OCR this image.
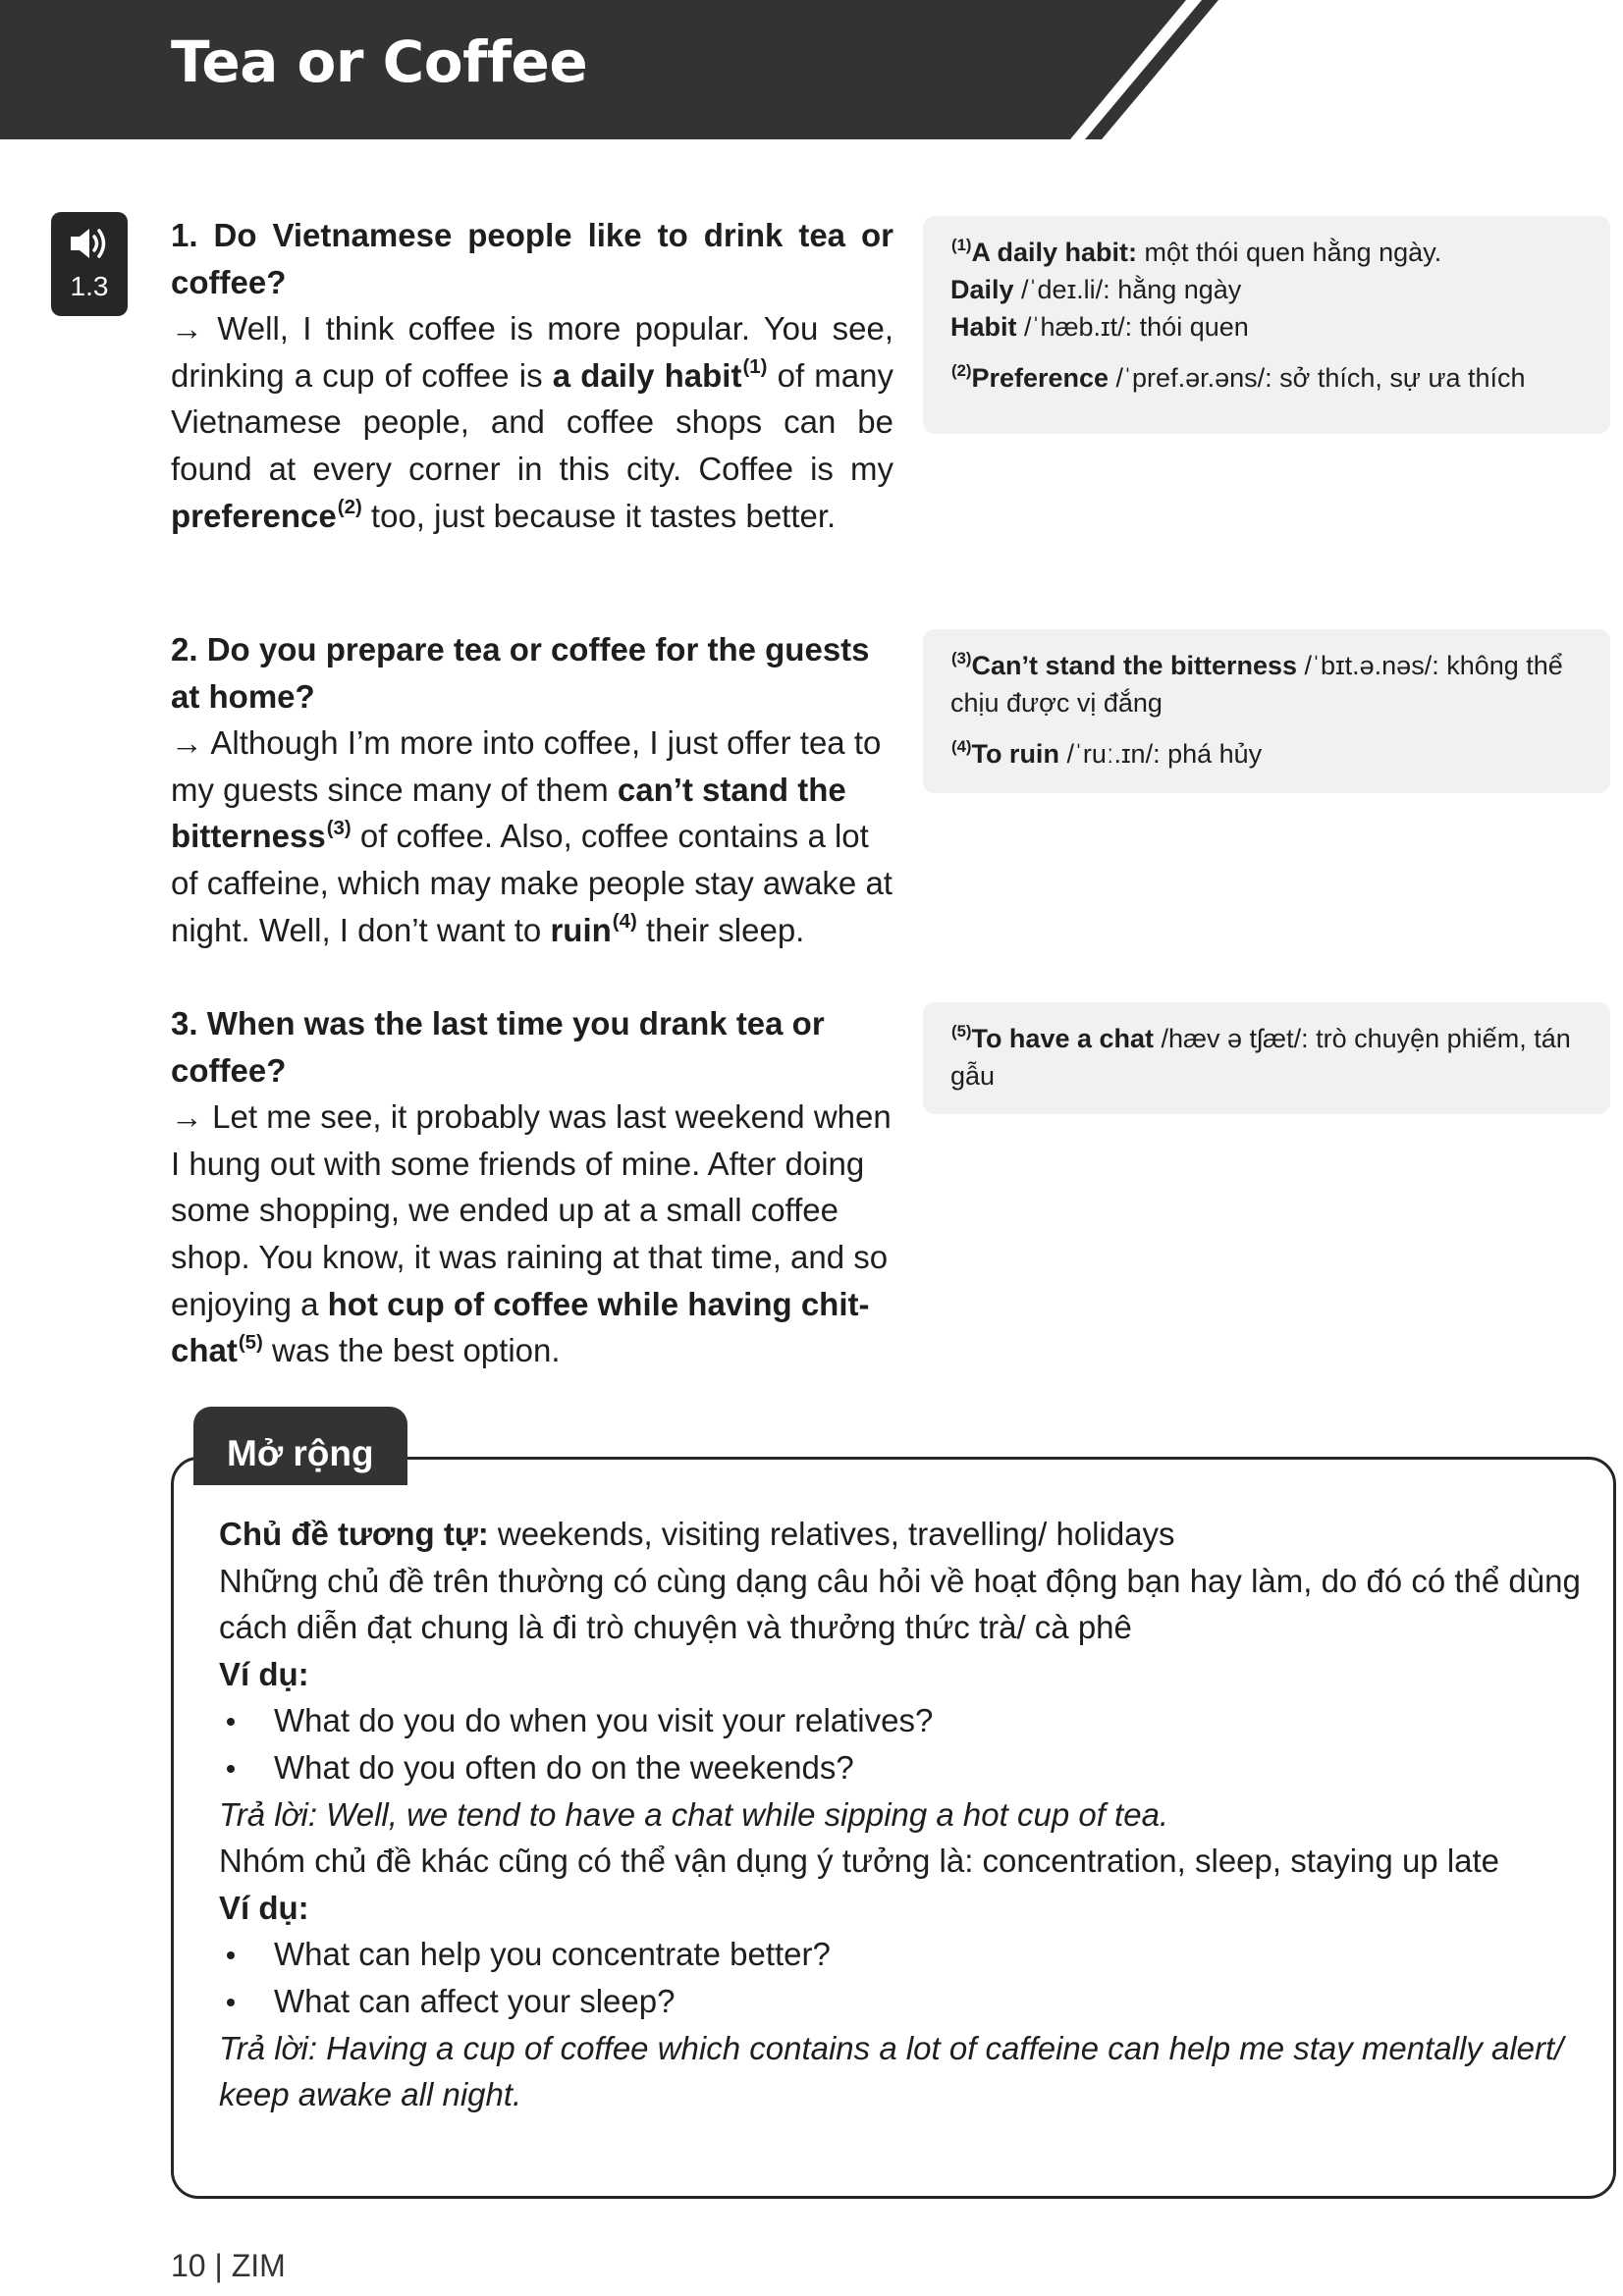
Tea or Coffee
1.3

1. Do Vietnamese people like to drink tea or coffee?

→ Well, I think coffee is more popular. You see, drinking a cup of coffee is a daily habit$^{(1)}$ of many Vietnamese people, and coffee shops can be found at every corner in this city. Coffee is my preference$^{(2)}$ too, just because it tastes better.

2. Do you prepare tea or coffee for the guests at home?

→ Although I’m more into coffee, I just offer tea to my guests since many of them can’t stand the bitterness$^{(3)}$ of coffee. Also, coffee contains a lot of caffeine, which may make people stay awake at night. Well, I don’t want to ruin$^{(4)}$ their sleep.

3. When was the last time you drank tea or coffee?

→ Let me see, it probably was last weekend when I hung out with some friends of mine. After doing some shopping, we ended up at a small coffee shop. You know, it was raining at that time, and so enjoying a hot cup of coffee while having chit-chat$^{(5)}$ was the best option.

$^{(1)}$A daily habit: một thói quen hằng ngày.

Daily /ˈdeɪ.li/: hằng ngày

Habit /ˈhæb.ɪt/: thói quen

$^{(2)}$Preference /ˈpref.ər.əns/: sở thích, sự ưa thích

$^{(3)}$Can’t stand the bitterness /ˈbɪt.ə.nəs/: không thể chịu được vị đắng

$^{(4)}$To ruin /ˈruː.ɪn/: phá hủy

$^{(5)}$To have a chat /hæv ə tʃæt/: trò chuyện phiếm, tán gẫu

Mở rộng

Chủ đề tương tự: weekends, visiting relatives, travelling/ holidays

Những chủ đề trên thường có cùng dạng câu hỏi về hoạt động bạn hay làm, do đó có thể dùng cách diễn đạt chung là đi trò chuyện và thưởng thức trà/ cà phê

Ví dụ:

What do you do when you visit your relatives?
What do you often do on the weekends?

Trả lời: Well, we tend to have a chat while sipping a hot cup of tea.

Nhóm chủ đề khác cũng có thể vận dụng ý tưởng là: concentration, sleep, staying up late

Ví dụ:

What can help you concentrate better?
What can affect your sleep?

Trả lời: Having a cup of coffee which contains a lot of caffeine can help me stay mentally alert/ keep awake all night.

10 | ZIM
